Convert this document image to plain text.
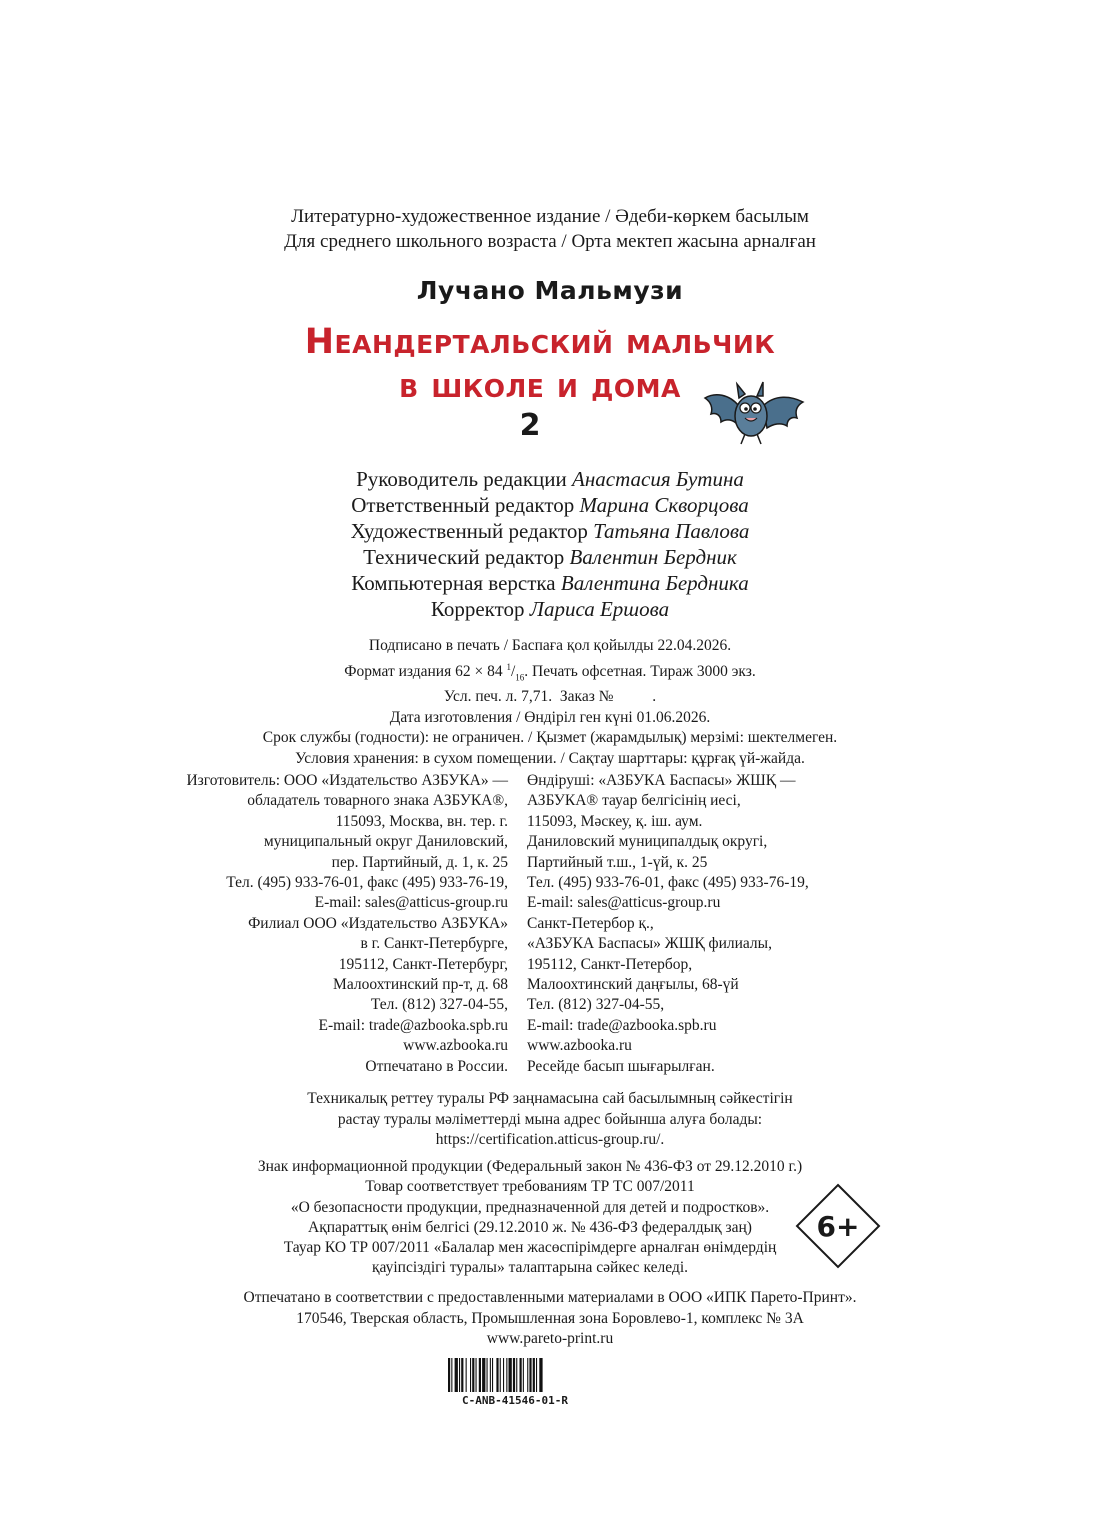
Литературно-художественное издание / Әдеби-көркем басылым
Для среднего школьного возраста / Орта мектеп жасына арналған
Лучано Мальмузи
Неандертальский мальчик
в школе и дома
2
Руководитель редакции Анастасия Бутина
Ответственный редактор Марина Скворцова
Художественный редактор Татьяна Павлова
Технический редактор Валентин Бердник
Компьютерная верстка Валентина Бердника
Корректор Лариса Ершова
Подписано в печать / Баспаға қол қойылды 22.04.2026.
Формат издания 62 × 84 $^1/_{16}$. Печать офсетная. Тираж 3000 экз.
Усл. печ. л. 7,71.  Заказ №          .
Дата изготовления / Өндіріл ген күні 01.06.2026.
Срок службы (годности): не ограничен. / Қызмет (жарамдылық) мерзімі: шектелмеген.
Условия хранения: в сухом помещении. / Сақтау шарттары: құрғақ үй-жайда.
Изготовитель: ООО «Издательство АЗБУКА» —
обладатель товарного знака АЗБУКА®,
115093, Москва, вн. тер. г.
муниципальный округ Даниловский,
пер. Партийный, д. 1, к. 25
Тел. (495) 933-76-01, факс (495) 933-76-19,
E-mail: sales@atticus-group.ru
Филиал ООО «Издательство АЗБУКА»
в г. Санкт-Петербурге,
195112, Санкт-Петербург,
Малоохтинский пр-т, д. 68
Тел. (812) 327-04-55,
E-mail: trade@azbooka.spb.ru
www.azbooka.ru
Отпечатано в России.
Өндіруші: «АЗБУКА Баспасы» ЖШҚ —
АЗБУКА® тауар белгісінің иесі,
115093, Мәскеу, қ. іш. аум.
Даниловский муниципалдық округі,
Партийный т.ш., 1-үй, к. 25
Тел. (495) 933-76-01, факс (495) 933-76-19,
E-mail: sales@atticus-group.ru
Санкт-Петербор қ.,
«АЗБУКА Баспасы» ЖШҚ филиалы,
195112, Санкт-Петербор,
Малоохтинский даңғылы, 68-үй
Тел. (812) 327-04-55,
E-mail: trade@azbooka.spb.ru
www.azbooka.ru
Ресейде басып шығарылған.
Техникалық реттеу туралы РФ заңнамасына сай басылымның сәйкестігін
растау туралы мәліметтерді мына адрес бойынша алуға болады:
https://certification.atticus-group.ru/.
Знак информационной продукции (Федеральный закон № 436-ФЗ от 29.12.2010 г.)
Товар соответствует требованиям ТР ТС 007/2011
«О безопасности продукции, предназначенной для детей и подростков».
Ақпараттық өнім белгісі (29.12.2010 ж. № 436-ФЗ федералдық заң)
Тауар КО ТР 007/2011 «Балалар мен жасөспірімдерге арналған өнімдердің
қауіпсіздігі туралы» талаптарына сәйкес келеді.
6+
Отпечатано в соответствии с предоставленными материалами в ООО «ИПК Парето-Принт».
170546, Тверская область, Промышленная зона Боровлево-1, комплекс № 3А
www.pareto-print.ru
C-ANB-41546-01-R
